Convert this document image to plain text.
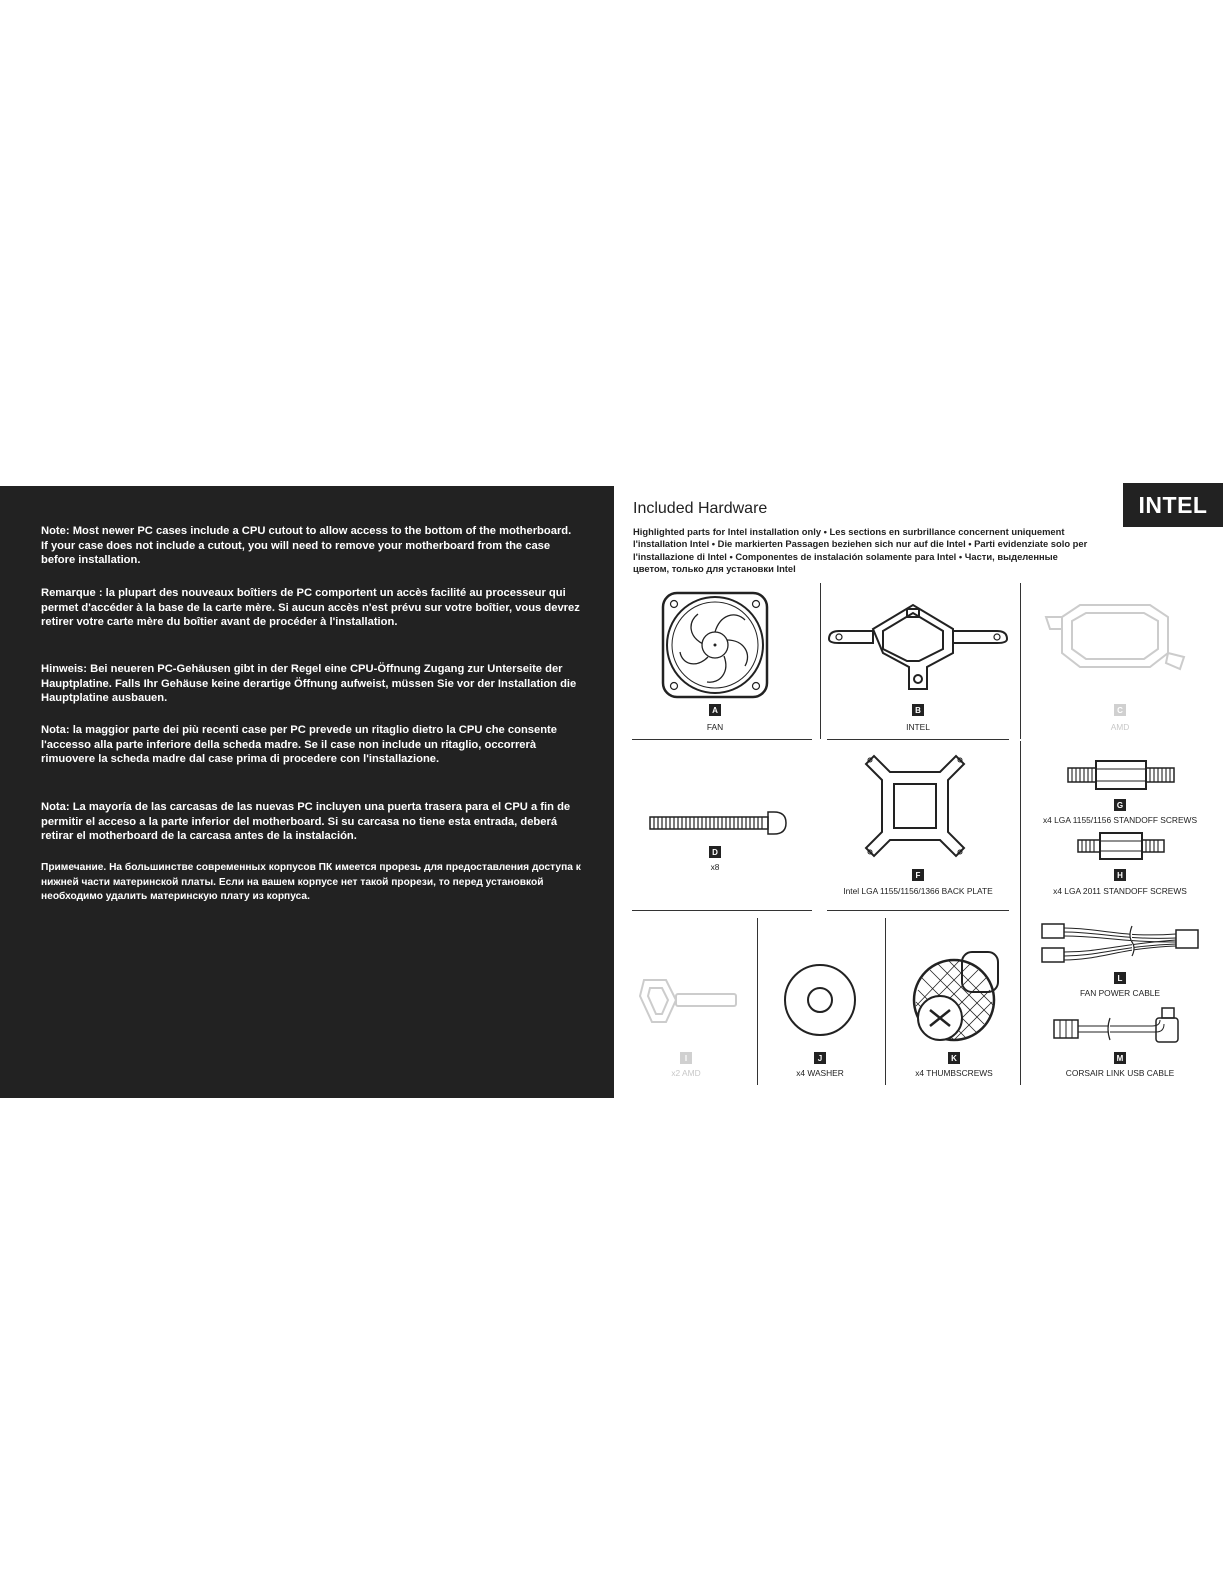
Note: Most newer PC cases include a CPU cutout to allow access to the bottom of the motherboard. If your case does not include a cutout, you will need to remove your motherboard from the case before installation.

Remarque : la plupart des nouveaux boîtiers de PC comportent un accès facilité au processeur qui permet d'accéder à la base de la carte mère. Si aucun accès n'est prévu sur votre boîtier, vous devrez retirer votre carte mère du boîtier avant de procéder à l'installation.

Hinweis: Bei neueren PC-Gehäusen gibt in der Regel eine CPU-Öffnung Zugang zur Unterseite der Hauptplatine. Falls Ihr Gehäuse keine derartige Öffnung aufweist, müssen Sie vor der Installation die Hauptplatine ausbauen.

Nota: la maggior parte dei più recenti case per PC prevede un ritaglio dietro la CPU che consente l'accesso alla parte inferiore della scheda madre. Se il case non include un ritaglio, occorrerà rimuovere la scheda madre dal case prima di procedere con l'installazione.

Nota: La mayoría de las carcasas de las nuevas PC incluyen una puerta trasera para el CPU a fin de permitir el acceso a la parte inferior del motherboard. Si su carcasa no tiene esta entrada, deberá retirar el motherboard de la carcasa antes de la instalación.

Примечание. На большинстве современных корпусов ПК имеется прорезь для предоставления доступа к нижней части материнской платы. Если на вашем корпусе нет такой прорези, то перед установкой необходимо удалить материнскую плату из корпуса.

Included Hardware

Highlighted parts for Intel installation only • Les sections en surbrillance concernent uniquement l'installation Intel • Die markierten Passagen beziehen sich nur auf die Intel • Parti evidenziate solo per l'installazione di Intel • Componentes de instalación solamente para Intel • Части, выделенные цветом, только для установки Intel

INTEL
A
FAN
B
INTEL
C
AMD
D
x8
F
Intel LGA 1155/1156/1366 BACK PLATE
G
x4 LGA 1155/1156 STANDOFF SCREWS
H
x4 LGA 2011 STANDOFF SCREWS
I
x2 AMD
J
x4 WASHER
K
x4 THUMBSCREWS
L
FAN POWER CABLE
M
CORSAIR LINK USB CABLE
